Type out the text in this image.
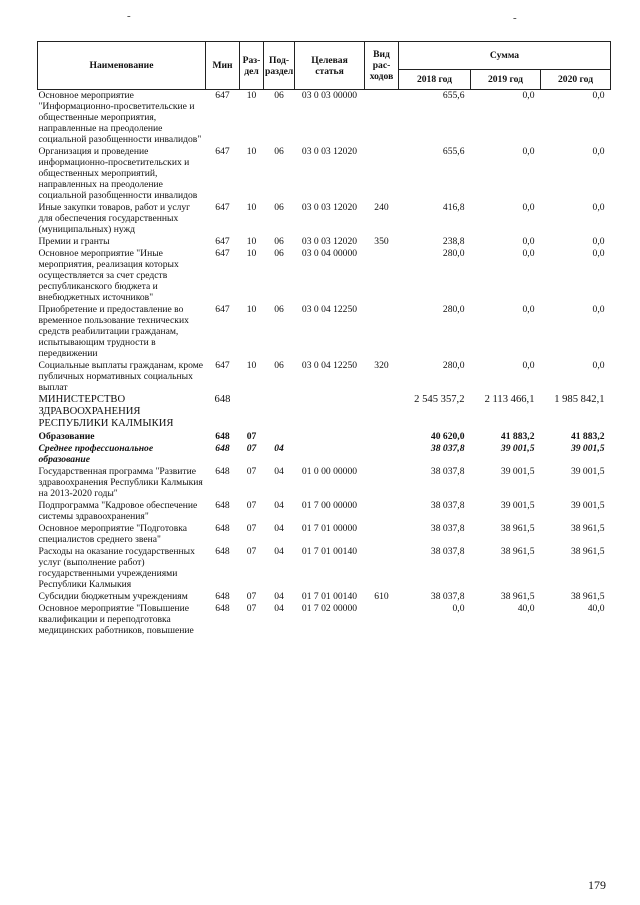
-	-
Наименование	Мин	Раз-дел	Под-раздел	Целевая статья	Вид рас-ходов	Сумма		
						2018 год	2019 год	2020 год
Основное мероприятие "Информационно-просветительские и общественные мероприятия, направленные на преодоление социальной разобщенности инвалидов"	647	10	06	03 0 03 00000		655,6	0,0	0,0
Организация и проведение информационно-просветительских и общественных мероприятий, направленных на преодоление социальной разобщенности инвалидов	647	10	06	03 0 03 12020		655,6	0,0	0,0
Иные закупки товаров, работ и услуг для обеспечения государственных (муниципальных) нужд	647	10	06	03 0 03 12020	240	416,8	0,0	0,0
Премии и гранты	647	10	06	03 0 03 12020	350	238,8	0,0	0,0
Основное мероприятие "Иные мероприятия, реализация которых осуществляется за счет средств республиканского бюджета и внебюджетных источников"	647	10	06	03 0 04 00000		280,0	0,0	0,0
Приобретение и предоставление во временное пользование технических средств реабилитации гражданам, испытывающим трудности в передвижении	647	10	06	03 0 04 12250		280,0	0,0	0,0
Социальные выплаты гражданам, кроме публичных нормативных социальных выплат	647	10	06	03 0 04 12250	320	280,0	0,0	0,0
МИНИСТЕРСТВО ЗДРАВООХРАНЕНИЯ РЕСПУБЛИКИ КАЛМЫКИЯ	648					2 545 357,2	2 113 466,1	1 985 842,1
Образование	648	07				40 620,0	41 883,2	41 883,2
Среднее профессиональное образование	648	07	04			38 037,8	39 001,5	39 001,5
Государственная программа "Развитие здравоохранения Республики Калмыкия на 2013-2020 годы"	648	07	04	01 0 00 00000		38 037,8	39 001,5	39 001,5
Подпрограмма "Кадровое обеспечение системы здравоохранения"	648	07	04	01 7 00 00000		38 037,8	39 001,5	39 001,5
Основное мероприятие "Подготовка специалистов среднего звена"	648	07	04	01 7 01 00000		38 037,8	38 961,5	38 961,5
Расходы на оказание государственных услуг (выполнение работ) государственными учреждениями Республики Калмыкия	648	07	04	01 7 01 00140		38 037,8	38 961,5	38 961,5
Субсидии бюджетным учреждениям	648	07	04	01 7 01 00140	610	38 037,8	38 961,5	38 961,5
Основное мероприятие "Повышение квалификации и переподготовка медицинских работников, повышение	648	07	04	01 7 02 00000		0,0	40,0	40,0
179
